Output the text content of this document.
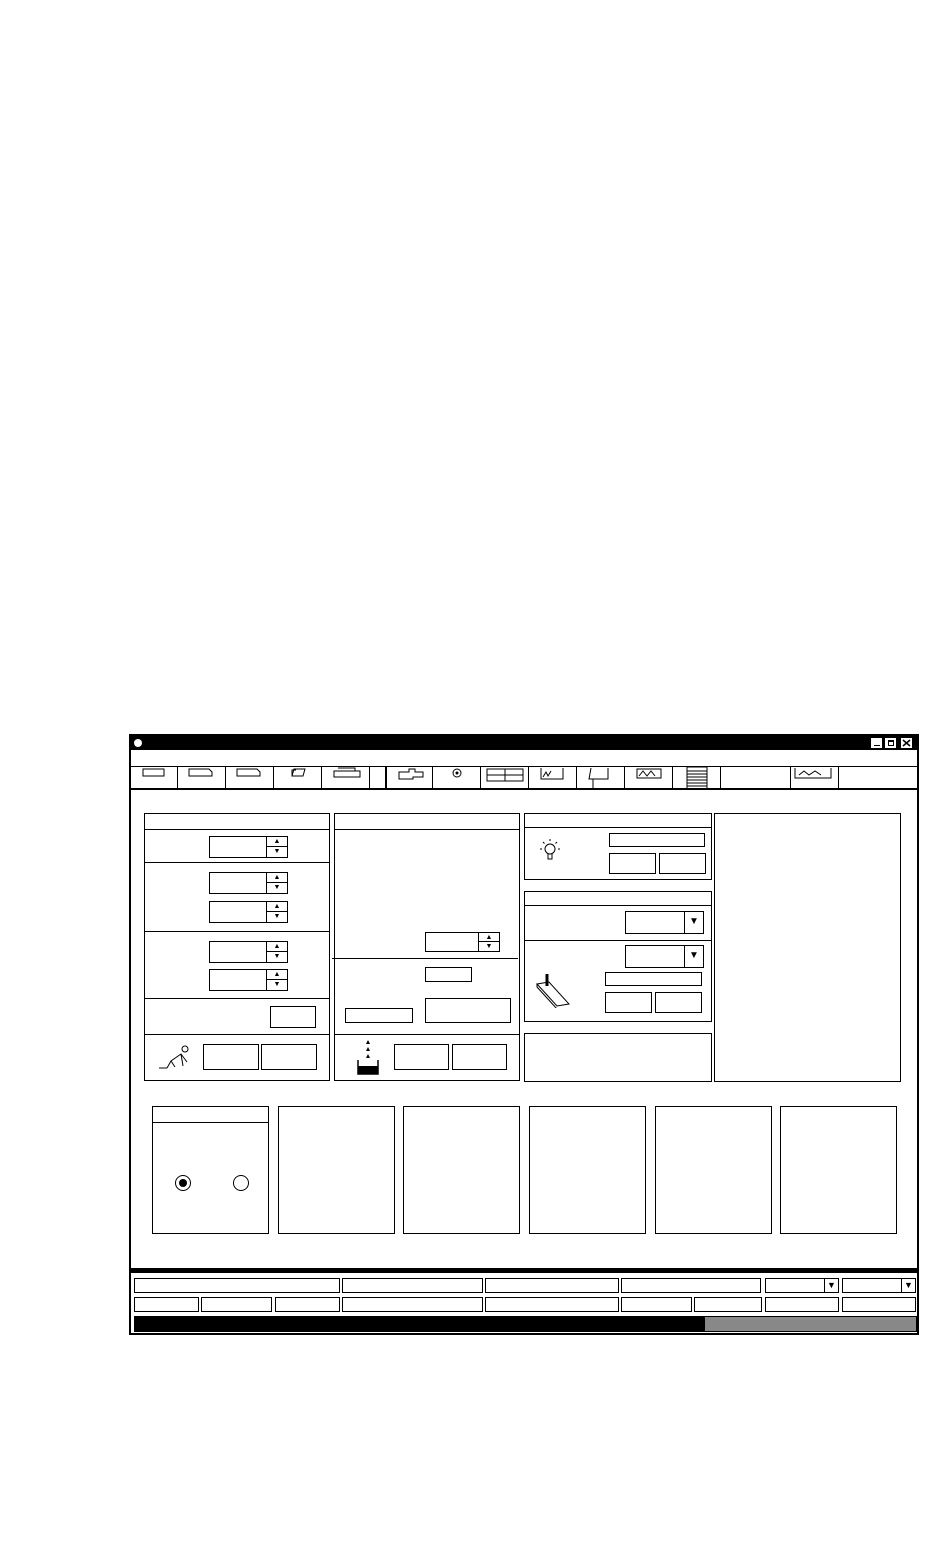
▲
▼
▲
▼
▲
▼
▲
▼
▲
▼
▲
▼
▼
▼
▼	▼
